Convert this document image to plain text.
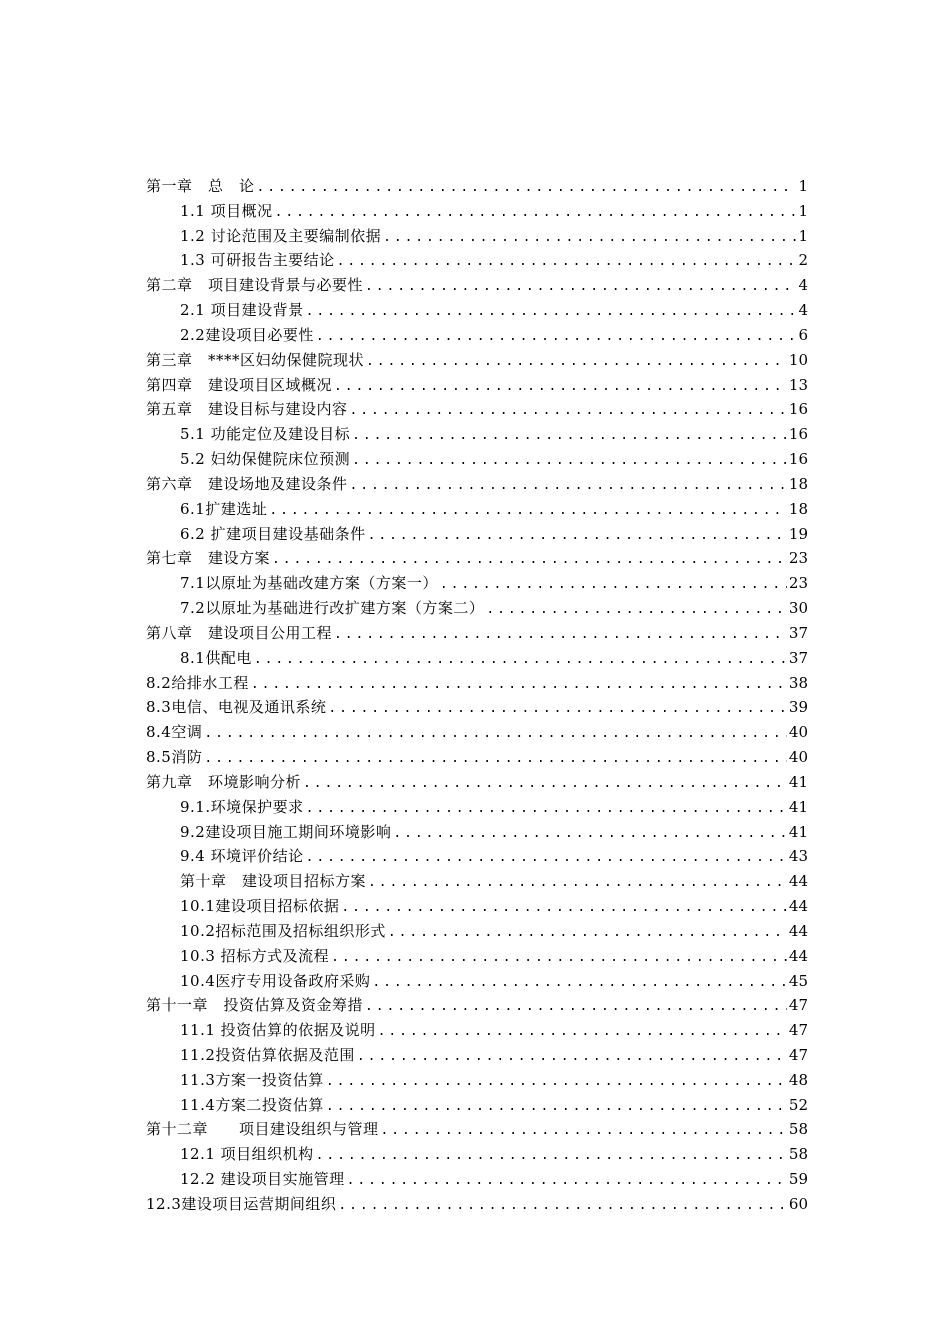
第一章　总　论 .....	1
1.1 项目概况 .....	1
1.2 讨论范围及主要编制依据 .....	1
1.3 可研报告主要结论 .....	2
第二章　项目建设背景与必要性 .....	4
2.1 项目建设背景 .....	4
2.2建设项目必要性 .....	6
第三章　****区妇幼保健院现状 .....	10
第四章　建设项目区域概况 .....	13
第五章　建设目标与建设内容 .....	16
5.1 功能定位及建设目标 .....	16
5.2 妇幼保健院床位预测 .....	16
第六章　建设场地及建设条件 .....	18
6.1扩建选址 .....	18
6.2 扩建项目建设基础条件 .....	19
第七章　建设方案 .....	23
7.1以原址为基础改建方案（方案一） .....	23
7.2以原址为基础进行改扩建方案（方案二） .....	30
第八章　建设项目公用工程 .....	37
8.1供配电 .....	37
8.2给排水工程 .....	38
8.3电信、电视及通讯系统 .....	39
8.4空调 .....	40
8.5消防 .....	40
第九章　环境影响分析 .....	41
9.1.环境保护要求 .....	41
9.2建设项目施工期间环境影响 .....	41
9.4 环境评价结论 .....	43
第十章　建设项目招标方案 .....	44
10.1建设项目招标依据 .....	44
10.2招标范围及招标组织形式 .....	44
10.3 招标方式及流程 .....	44
10.4医疗专用设备政府采购 .....	45
第十一章　投资估算及资金筹措 .....	47
11.1 投资估算的依据及说明 .....	47
11.2投资估算依据及范围 .....	47
11.3方案一投资估算 .....	48
11.4方案二投资估算 .....	52
第十二章　　项目建设组织与管理 .....	58
12.1 项目组织机构 .....	58
12.2 建设项目实施管理 .....	59
12.3建设项目运营期间组织 .....	60
